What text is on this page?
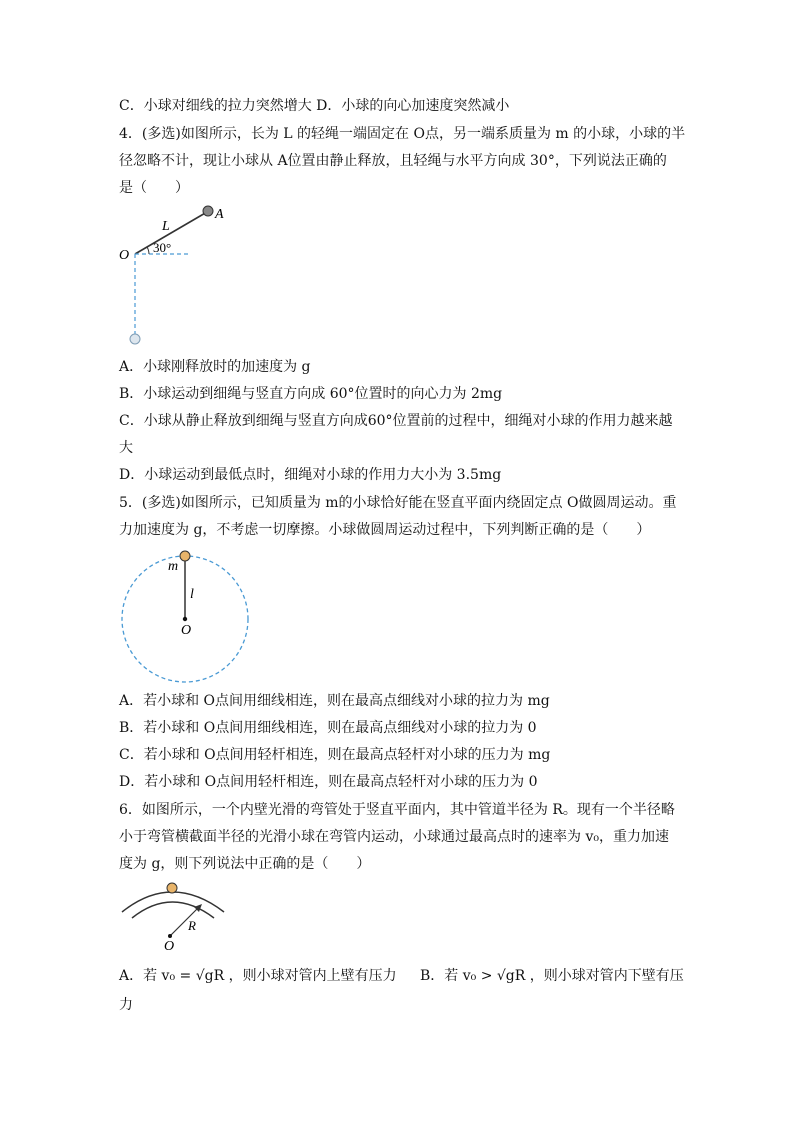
C．小球对细线的拉力突然增大 D．小球的向心加速度突然减小
4．(多选)如图所示，长为 L 的轻绳一端固定在 O点，另一端系质量为 m 的小球，小球的半
径忽略不计，现让小球从 A位置由静止释放，且轻绳与水平方向成 30°，下列说法正确的
是（　　）
A
L
O
30°
A．小球刚释放时的加速度为 g
B．小球运动到细绳与竖直方向成 60°位置时的向心力为 2mg
C．小球从静止释放到细绳与竖直方向成60°位置前的过程中，细绳对小球的作用力越来越
大
D．小球运动到最低点时，细绳对小球的作用力大小为 3.5mg
5．(多选)如图所示，已知质量为 m的小球恰好能在竖直平面内绕固定点 O做圆周运动。重
力加速度为 g，不考虑一切摩擦。小球做圆周运动过程中，下列判断正确的是（　　）
m
l
O
A．若小球和 O点间用细线相连，则在最高点细线对小球的拉力为 mg
B．若小球和 O点间用细线相连，则在最高点细线对小球的拉力为 0
C．若小球和 O点间用轻杆相连，则在最高点轻杆对小球的压力为 mg
D．若小球和 O点间用轻杆相连，则在最高点轻杆对小球的压力为 0
6．如图所示，一个内壁光滑的弯管处于竖直平面内，其中管道半径为 R。现有一个半径略
小于弯管横截面半径的光滑小球在弯管内运动，小球通过最高点时的速率为 v₀，重力加速
度为 g，则下列说法中正确的是（　　）
R
O
A．若 v₀ = √gR ，则小球对管内上壁有压力 B．若 v₀ > √gR ，则小球对管内下壁有压
力
